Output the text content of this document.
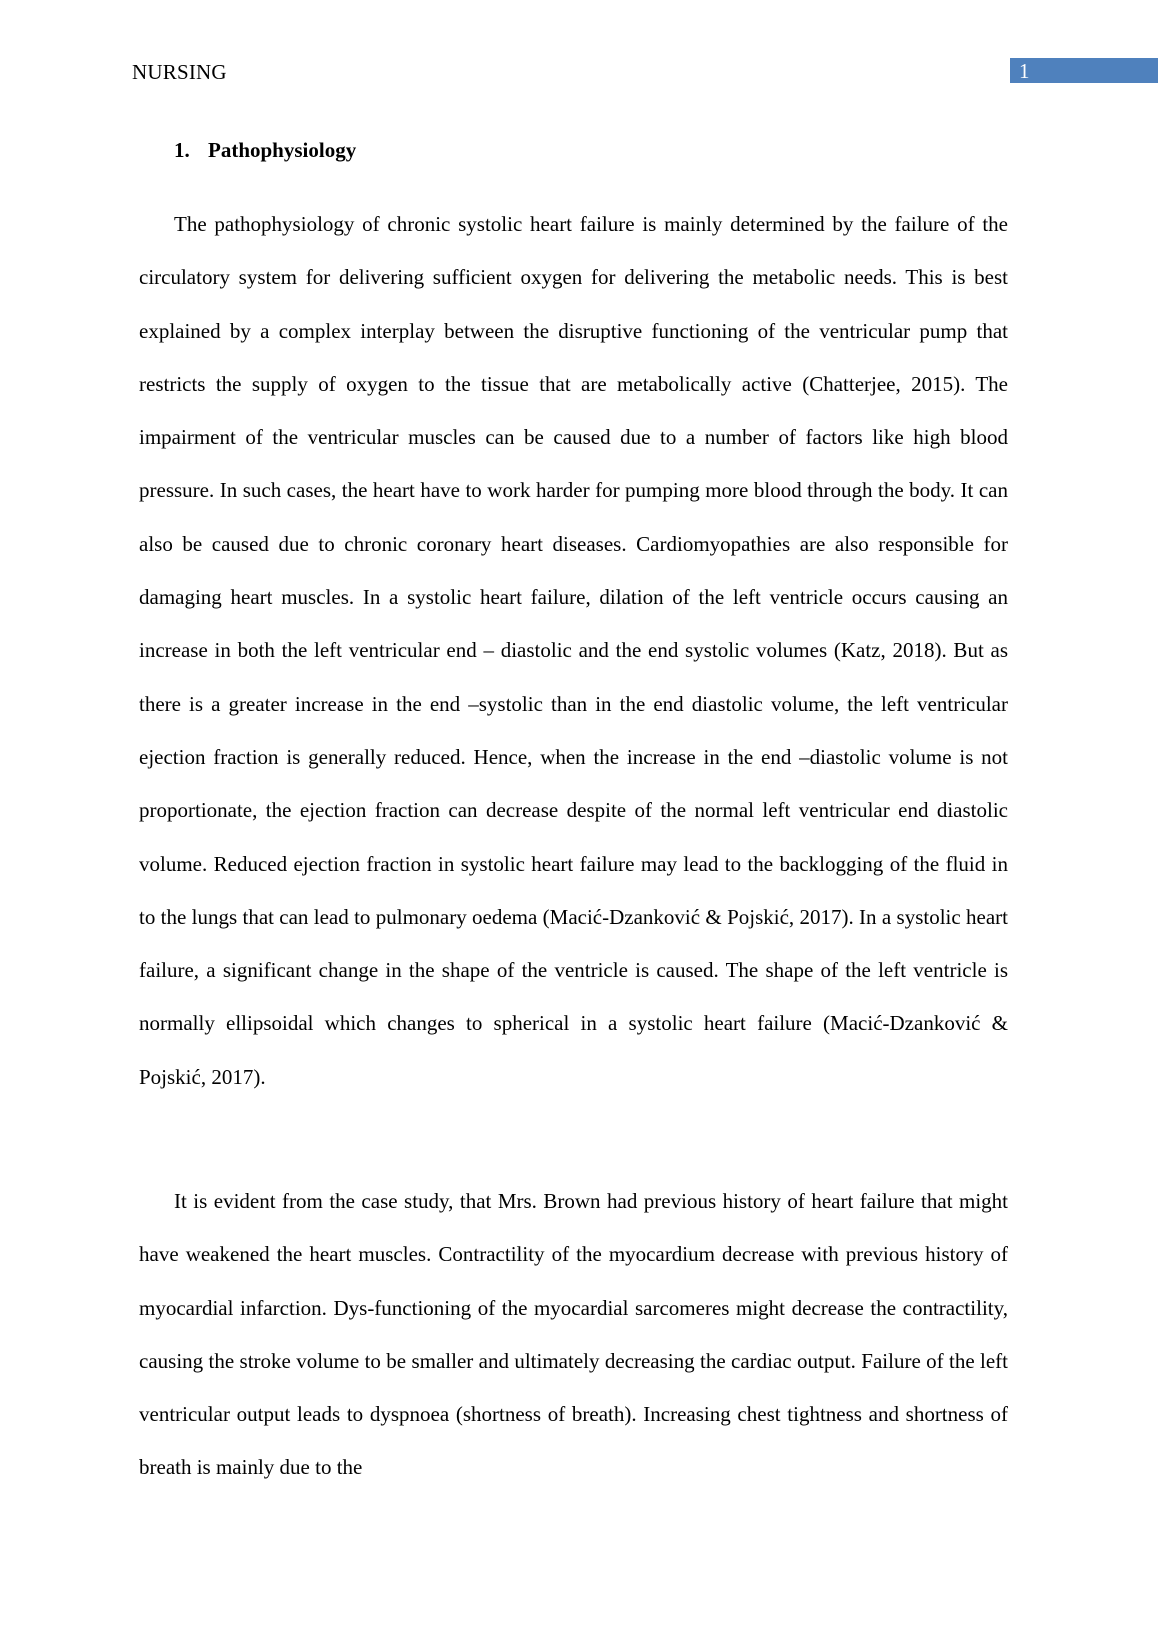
NURSING	1
1. Pathophysiology

The pathophysiology of chronic systolic heart failure is mainly determined by the failure of the circulatory system for delivering sufficient oxygen for delivering the metabolic needs. This is best explained by a complex interplay between the disruptive functioning of the ventricular pump that restricts the supply of oxygen to the tissue that are metabolically active (Chatterjee, 2015). The impairment of the ventricular muscles can be caused due to a number of factors like high blood pressure. In such cases, the heart have to work harder for pumping more blood through the body. It can also be caused due to chronic coronary heart diseases. Cardiomyopathies are also responsible for damaging heart muscles. In a systolic heart failure, dilation of the left ventricle occurs causing an increase in both the left ventricular end – diastolic and the end systolic volumes (Katz, 2018). But as there is a greater increase in the end –systolic than in the end diastolic volume, the left ventricular ejection fraction is generally reduced. Hence, when the increase in the end –diastolic volume is not proportionate, the ejection fraction can decrease despite of the normal left ventricular end diastolic volume. Reduced ejection fraction in systolic heart failure may lead to the backlogging of the fluid in to the lungs that can lead to pulmonary oedema (Macić-Dzanković & Pojskić, 2017). In a systolic heart failure, a significant change in the shape of the ventricle is caused. The shape of the left ventricle is normally ellipsoidal which changes to spherical in a systolic heart failure (Macić-Dzanković & Pojskić, 2017).

It is evident from the case study, that Mrs. Brown had previous history of heart failure that might have weakened the heart muscles. Contractility of the myocardium decrease with previous history of myocardial infarction. Dys-functioning of the myocardial sarcomeres might decrease the contractility, causing the stroke volume to be smaller and ultimately decreasing the cardiac output. Failure of the left ventricular output leads to dyspnoea (shortness of breath). Increasing chest tightness and shortness of breath is mainly due to the
